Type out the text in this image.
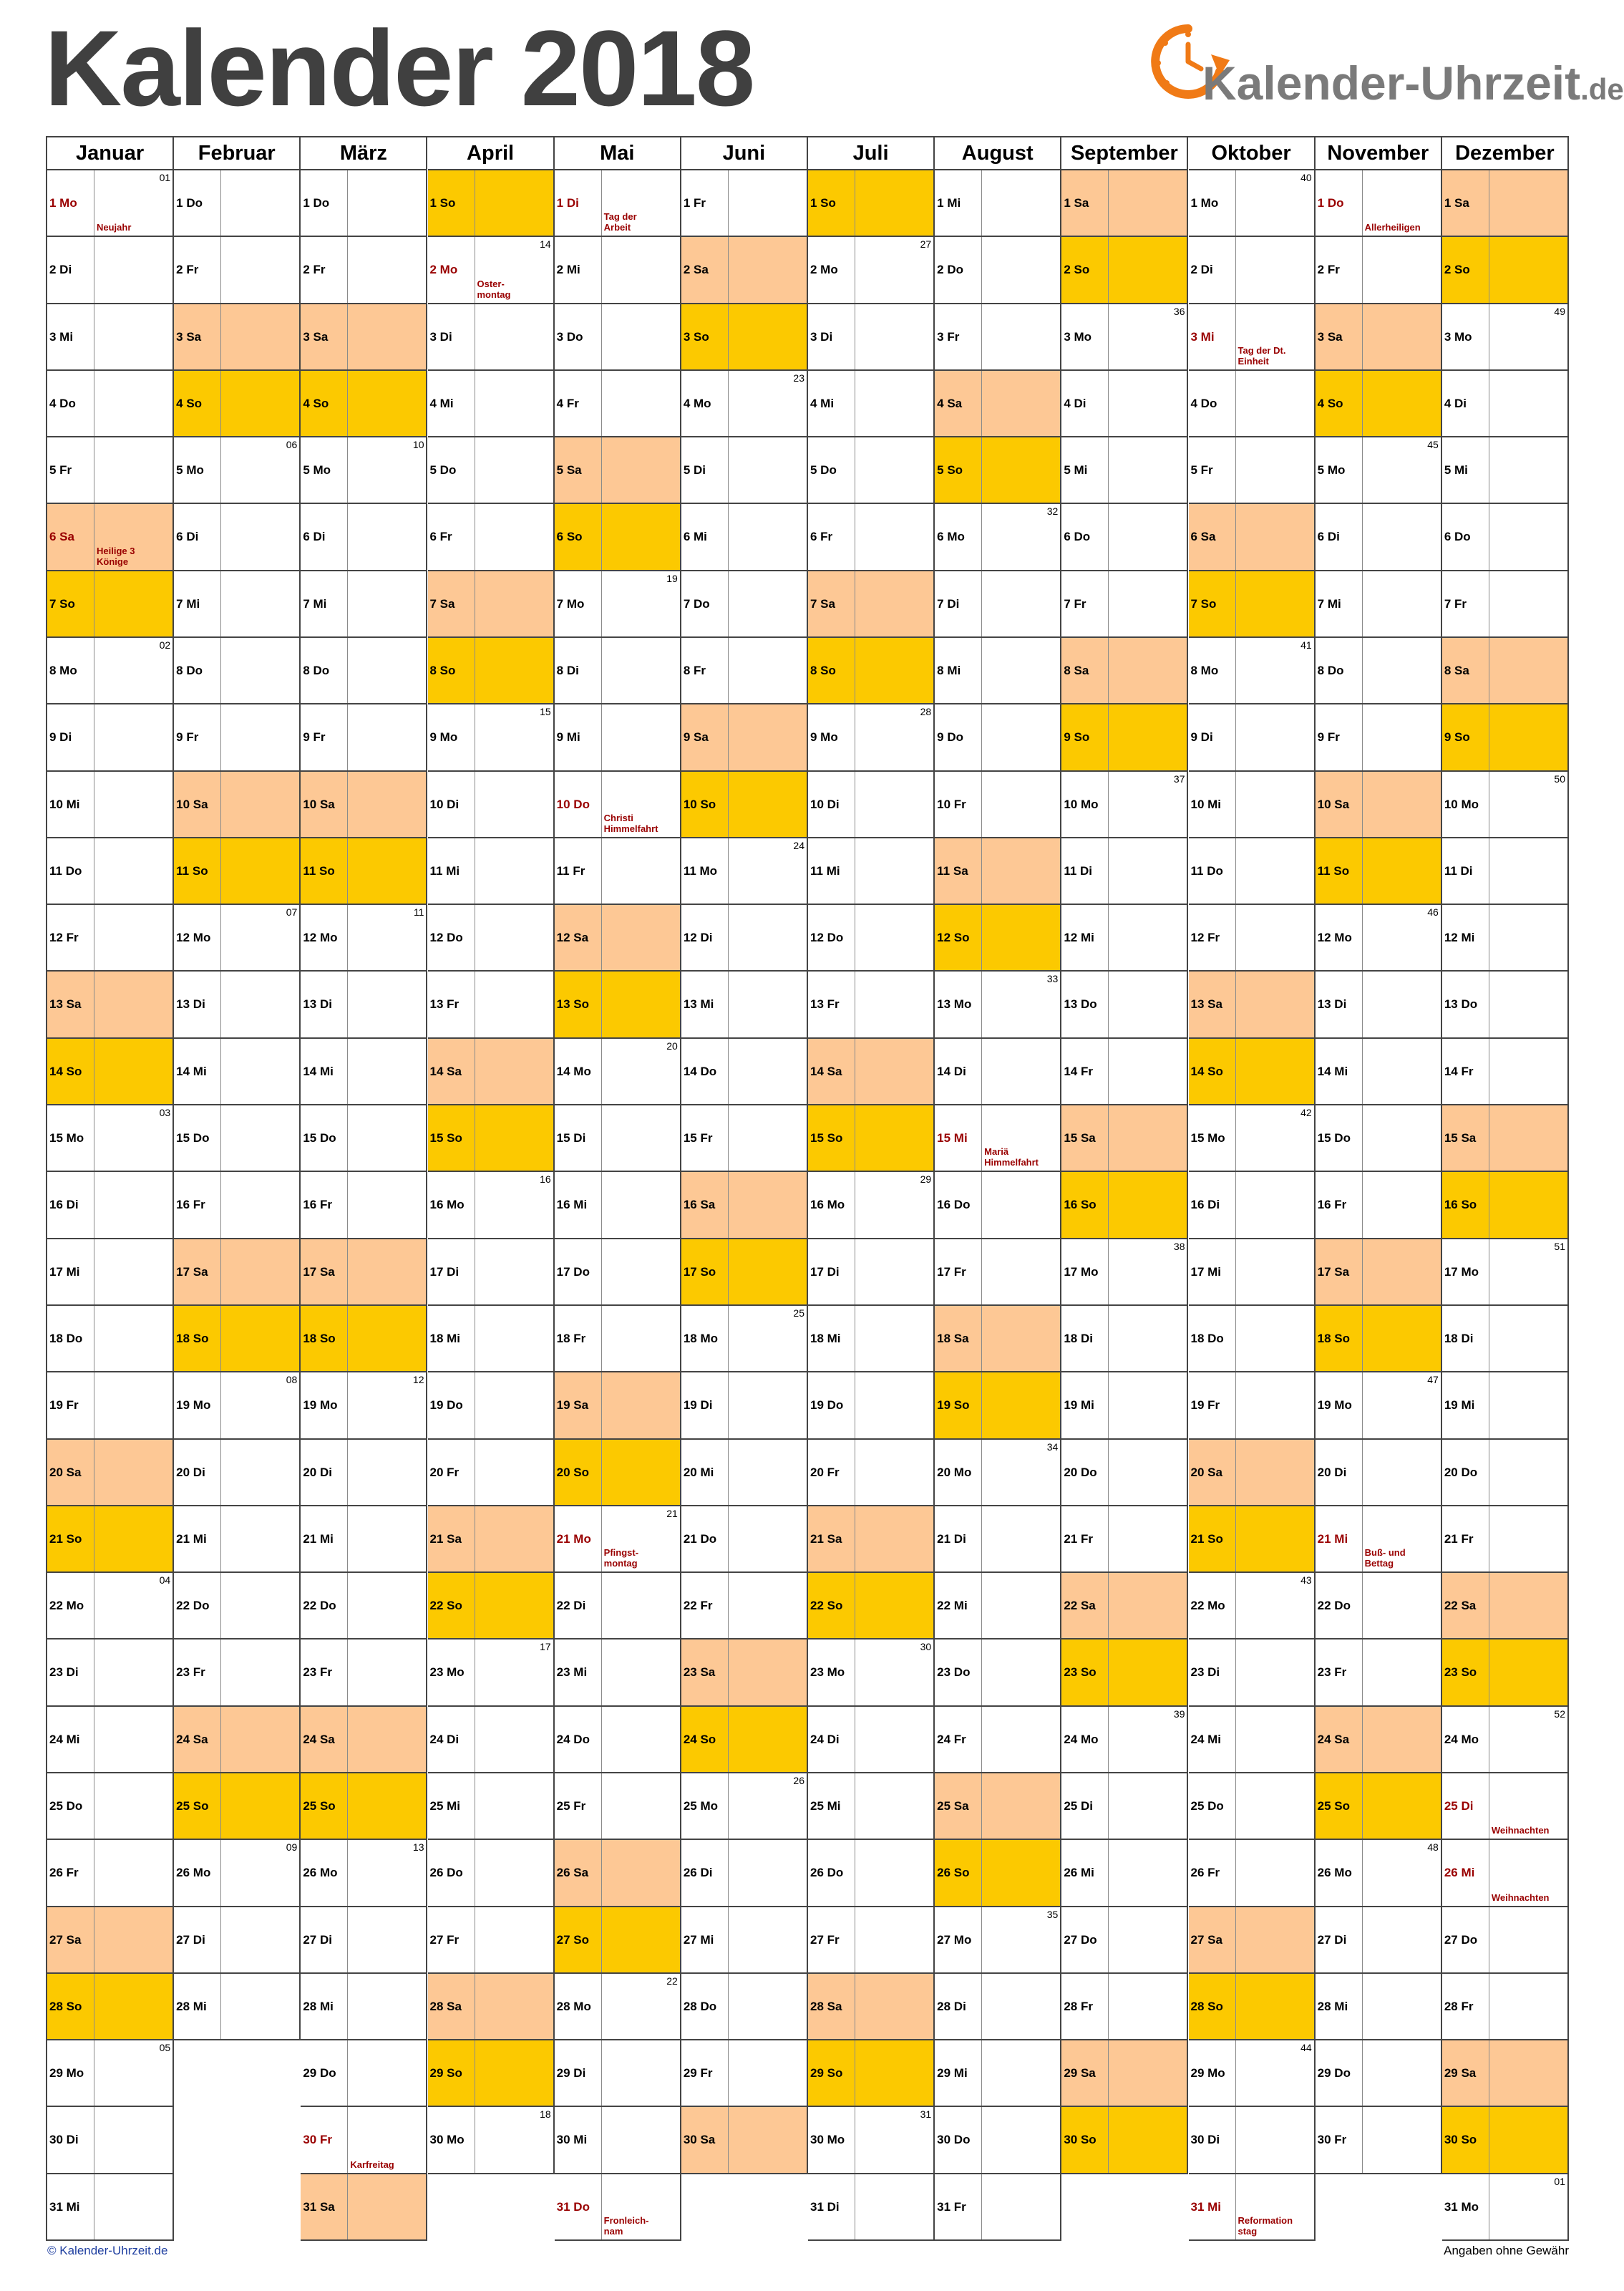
Kalender 2018	Kalender-Uhrzeit.de
Januar
1 Mo
01
Neujahr
2 Di
3 Mi
4 Do
5 Fr
6 Sa
Heilige 3
Könige
7 So
8 Mo
02
9 Di
10 Mi
11 Do
12 Fr
13 Sa
14 So
15 Mo
03
16 Di
17 Mi
18 Do
19 Fr
20 Sa
21 So
22 Mo
04
23 Di
24 Mi
25 Do
26 Fr
27 Sa
28 So
29 Mo
05
30 Di
31 Mi
Februar
1 Do
2 Fr
3 Sa
4 So
5 Mo
06
6 Di
7 Mi
8 Do
9 Fr
10 Sa
11 So
12 Mo
07
13 Di
14 Mi
15 Do
16 Fr
17 Sa
18 So
19 Mo
08
20 Di
21 Mi
22 Do
23 Fr
24 Sa
25 So
26 Mo
09
27 Di
28 Mi
März
1 Do
2 Fr
3 Sa
4 So
5 Mo
10
6 Di
7 Mi
8 Do
9 Fr
10 Sa
11 So
12 Mo
11
13 Di
14 Mi
15 Do
16 Fr
17 Sa
18 So
19 Mo
12
20 Di
21 Mi
22 Do
23 Fr
24 Sa
25 So
26 Mo
13
27 Di
28 Mi
29 Do
30 Fr
Karfreitag
31 Sa
April
1 So
2 Mo
14
Oster-
montag
3 Di
4 Mi
5 Do
6 Fr
7 Sa
8 So
9 Mo
15
10 Di
11 Mi
12 Do
13 Fr
14 Sa
15 So
16 Mo
16
17 Di
18 Mi
19 Do
20 Fr
21 Sa
22 So
23 Mo
17
24 Di
25 Mi
26 Do
27 Fr
28 Sa
29 So
30 Mo
18
Mai
1 Di
Tag der
Arbeit
2 Mi
3 Do
4 Fr
5 Sa
6 So
7 Mo
19
8 Di
9 Mi
10 Do
Christi
Himmelfahrt
11 Fr
12 Sa
13 So
14 Mo
20
15 Di
16 Mi
17 Do
18 Fr
19 Sa
20 So
21 Mo
21
Pfingst-
montag
22 Di
23 Mi
24 Do
25 Fr
26 Sa
27 So
28 Mo
22
29 Di
30 Mi
31 Do
Fronleich-
nam
Juni
1 Fr
2 Sa
3 So
4 Mo
23
5 Di
6 Mi
7 Do
8 Fr
9 Sa
10 So
11 Mo
24
12 Di
13 Mi
14 Do
15 Fr
16 Sa
17 So
18 Mo
25
19 Di
20 Mi
21 Do
22 Fr
23 Sa
24 So
25 Mo
26
26 Di
27 Mi
28 Do
29 Fr
30 Sa
Juli
1 So
2 Mo
27
3 Di
4 Mi
5 Do
6 Fr
7 Sa
8 So
9 Mo
28
10 Di
11 Mi
12 Do
13 Fr
14 Sa
15 So
16 Mo
29
17 Di
18 Mi
19 Do
20 Fr
21 Sa
22 So
23 Mo
30
24 Di
25 Mi
26 Do
27 Fr
28 Sa
29 So
30 Mo
31
31 Di
August
1 Mi
2 Do
3 Fr
4 Sa
5 So
6 Mo
32
7 Di
8 Mi
9 Do
10 Fr
11 Sa
12 So
13 Mo
33
14 Di
15 Mi
Mariä
Himmelfahrt
16 Do
17 Fr
18 Sa
19 So
20 Mo
34
21 Di
22 Mi
23 Do
24 Fr
25 Sa
26 So
27 Mo
35
28 Di
29 Mi
30 Do
31 Fr
September
1 Sa
2 So
3 Mo
36
4 Di
5 Mi
6 Do
7 Fr
8 Sa
9 So
10 Mo
37
11 Di
12 Mi
13 Do
14 Fr
15 Sa
16 So
17 Mo
38
18 Di
19 Mi
20 Do
21 Fr
22 Sa
23 So
24 Mo
39
25 Di
26 Mi
27 Do
28 Fr
29 Sa
30 So
Oktober
1 Mo
40
2 Di
3 Mi
Tag der Dt.
Einheit
4 Do
5 Fr
6 Sa
7 So
8 Mo
41
9 Di
10 Mi
11 Do
12 Fr
13 Sa
14 So
15 Mo
42
16 Di
17 Mi
18 Do
19 Fr
20 Sa
21 So
22 Mo
43
23 Di
24 Mi
25 Do
26 Fr
27 Sa
28 So
29 Mo
44
30 Di
31 Mi
Reformation
stag
November
1 Do
Allerheiligen
2 Fr
3 Sa
4 So
5 Mo
45
6 Di
7 Mi
8 Do
9 Fr
10 Sa
11 So
12 Mo
46
13 Di
14 Mi
15 Do
16 Fr
17 Sa
18 So
19 Mo
47
20 Di
21 Mi
Buß- und
Bettag
22 Do
23 Fr
24 Sa
25 So
26 Mo
48
27 Di
28 Mi
29 Do
30 Fr
Dezember
1 Sa
2 So
3 Mo
49
4 Di
5 Mi
6 Do
7 Fr
8 Sa
9 So
10 Mo
50
11 Di
12 Mi
13 Do
14 Fr
15 Sa
16 So
17 Mo
51
18 Di
19 Mi
20 Do
21 Fr
22 Sa
23 So
24 Mo
52
25 Di
Weihnachten
26 Mi
Weihnachten
27 Do
28 Fr
29 Sa
30 So
31 Mo
01
© Kalender-Uhrzeit.de	Angaben ohne Gewähr
